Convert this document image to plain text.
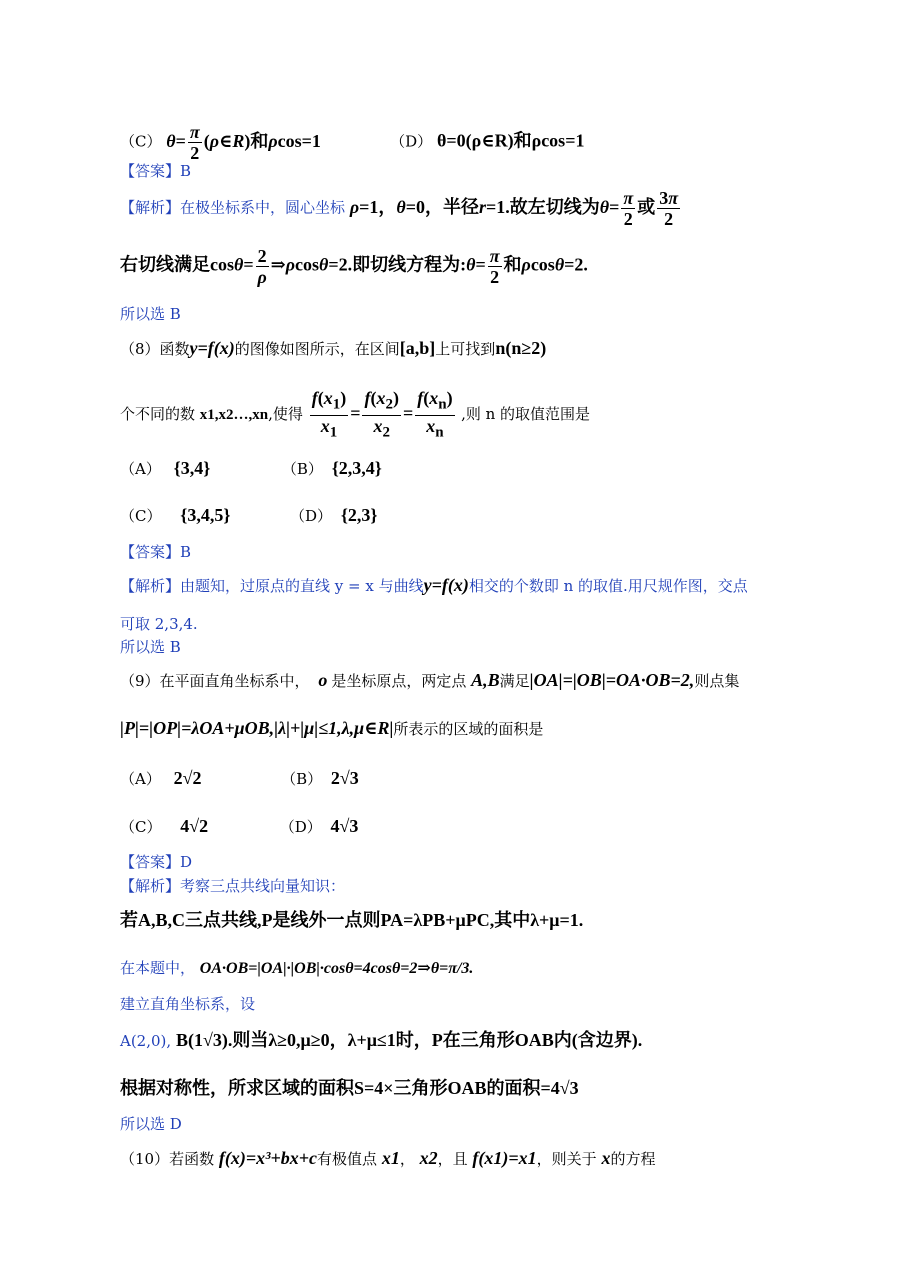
（C） $\theta= \frac{\pi}{2}$ (ρ∈R)和ρcos=1	（D） θ=0(ρ∈R)和ρcos=1
【答案】B
【解析】在极坐标系中，圆心坐标 ρ=1，θ=0，半径r=1.故左切线为$\theta= \frac{\pi}{2}$ 或 $\frac{3\pi}{2}$
右切线满足$\cos\theta= \frac{2}{\rho}$ ⇒ρcosθ=2.即切线方程为:θ= $\frac{\pi}{2}$ 和ρcosθ=2.
所以选 B
（8）函数y=f(x)的图像如图所示，在区间[a,b]上可找到n(n≥2)
个不同的数 x1,x2…,xn,使得 $\frac{f(x_1)}{x_1} = \frac{f(x_2)}{x_2} = \frac{f(x_n)}{x_n}$ ,则 n 的取值范围是
（A） {3,4}	（B） {2,3,4}
（C） {3,4,5}	（D） {2,3}
【答案】B
【解析】由题知，过原点的直线 y = x 与曲线y=f(x)相交的个数即 n 的取值.用尺规作图，交点
可取 2,3,4.
所以选 B
（9）在平面直角坐标系中， o 是坐标原点，两定点 A,B满足|OA|=|OB|=OA·OB=2,则点集
|P|=|OP|=λOA+μOB,|λ|+|μ|≤1,λ,μ∈R|所表示的区域的面积是
（A） 2√2	（B） 2√3
（C） 4√2	（D） 4√3
【答案】D
【解析】考察三点共线向量知识：
若A,B,C三点共线,P是线外一点则PA=λPB+μPC,其中λ+μ=1.
在本题中， OA·OB=|OA|·|OB|·cosθ=4cosθ=2⇒θ=π/3.
建立直角坐标系，设
A(2,0), B(1√3).则当λ≥0,μ≥0，λ+μ≤1时，P在三角形OAB内(含边界).
根据对称性，所求区域的面积S=4×三角形OAB的面积=4√3
所以选 D
（10）若函数 f(x)=x³+bx+c有极值点 x1， x2，且 f(x1)=x1，则关于 x的方程
